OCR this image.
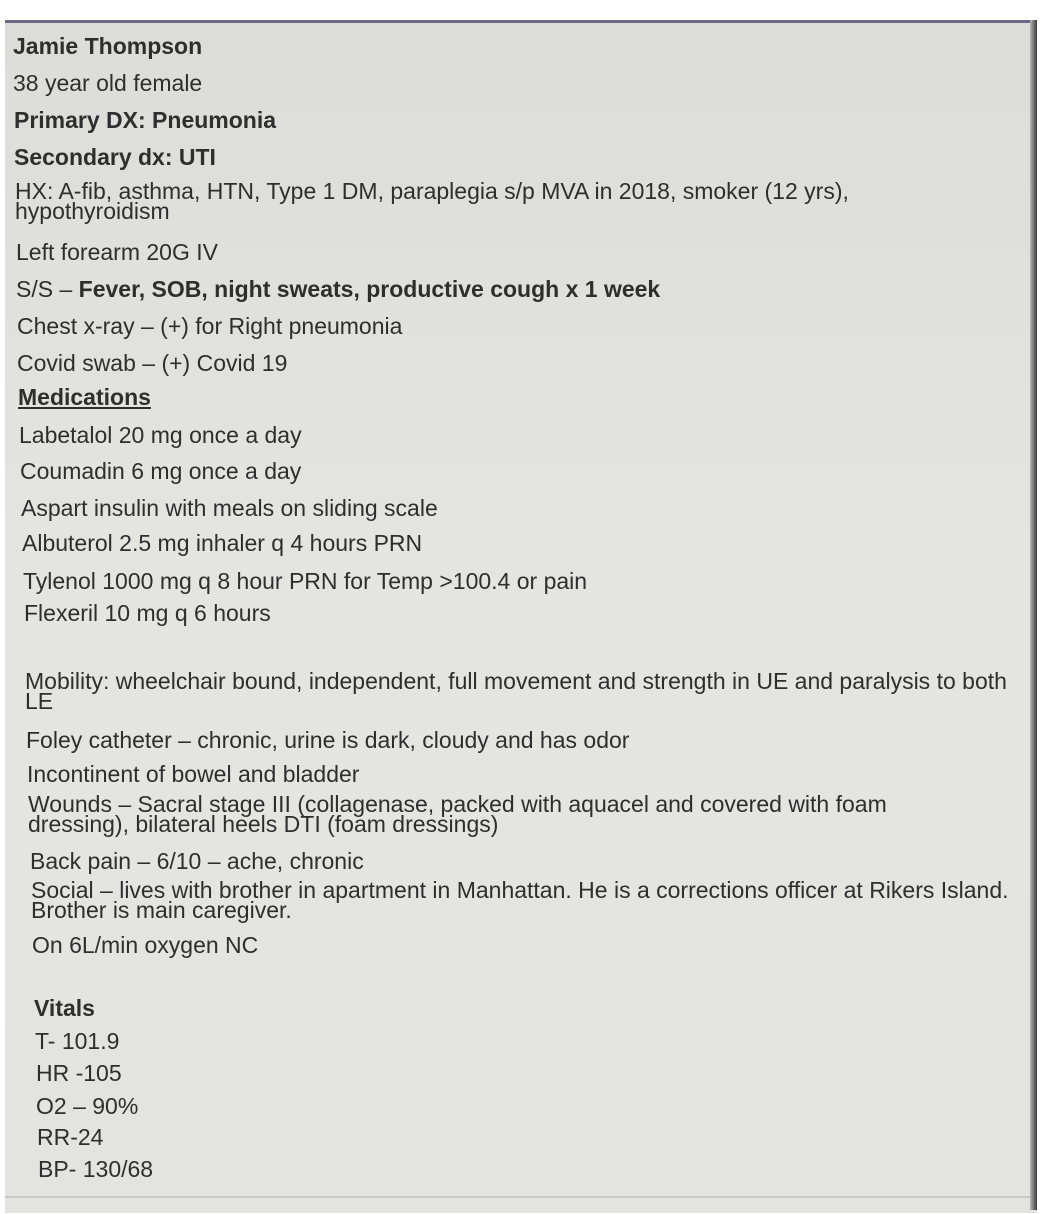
Jamie Thompson
38 year old female
Primary DX: Pneumonia
Secondary dx: UTI
HX: A-fib, asthma, HTN, Type 1 DM, paraplegia s/p MVA in 2018, smoker (12 yrs), hypothyroidism
Left forearm 20G IV
S/S – Fever, SOB, night sweats, productive cough x 1 week
Chest x-ray – (+) for Right pneumonia
Covid swab – (+) Covid 19
Medications
Labetalol 20 mg once a day
Coumadin 6 mg once a day
Aspart insulin with meals on sliding scale
Albuterol 2.5 mg inhaler q 4 hours PRN
Tylenol 1000 mg q 8 hour PRN for Temp >100.4 or pain
Flexeril 10 mg q 6 hours
Mobility: wheelchair bound, independent, full movement and strength in UE and paralysis to both LE
Foley catheter – chronic, urine is dark, cloudy and has odor
Incontinent of bowel and bladder
Wounds – Sacral stage III (collagenase, packed with aquacel and covered with foam dressing), bilateral heels DTI (foam dressings)
Back pain – 6/10 – ache, chronic
Social – lives with brother in apartment in Manhattan. He is a corrections officer at Rikers Island. Brother is main caregiver.
On 6L/min oxygen NC
Vitals
T- 101.9
HR -105
O2 – 90%
RR-24
BP- 130/68
